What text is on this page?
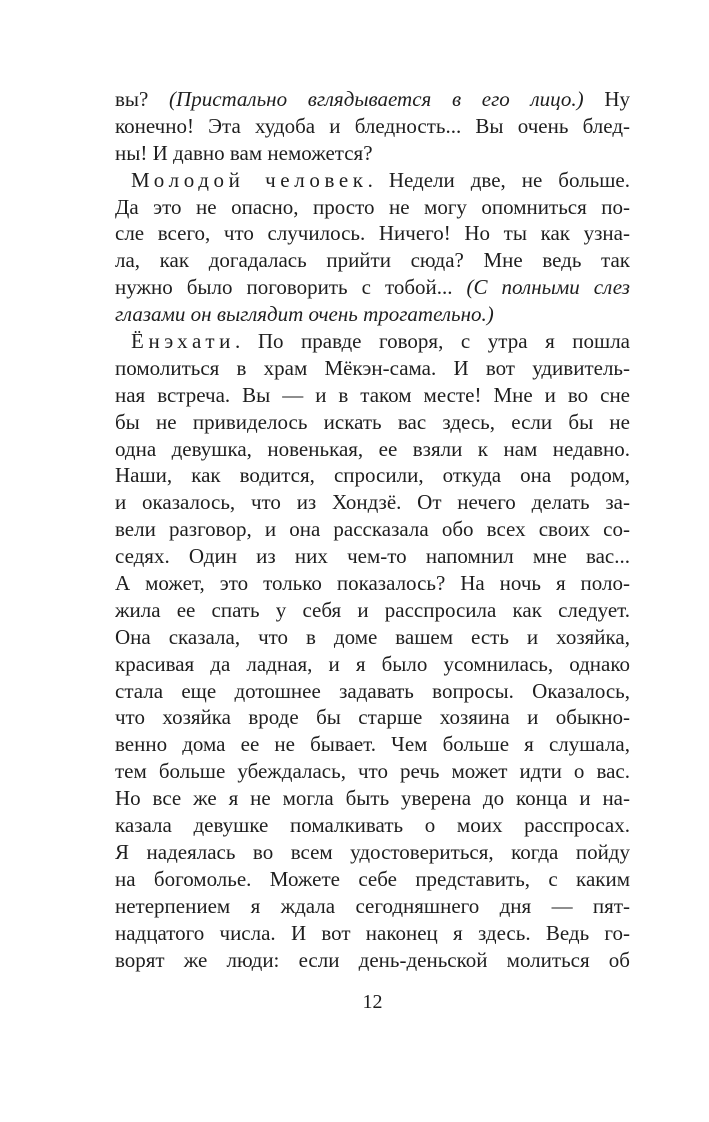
вы? (Пристально вглядывается в его лицо.) Ну
конечно! Эта худоба и бледность... Вы очень блед-
ны! И давно вам неможется?
Молодой человек. Недели две, не больше.
Да это не опасно, просто не могу опомниться по-
сле всего, что случилось. Ничего! Но ты как узна-
ла, как догадалась прийти сюда? Мне ведь так
нужно было поговорить с тобой... (С полными слез
глазами он выглядит очень трогательно.)
Ёнэхати. По правде говоря, с утра я пошла
помолиться в храм Мёкэн-сама. И вот удивитель-
ная встреча. Вы — и в таком месте! Мне и во сне
бы не привиделось искать вас здесь, если бы не
одна девушка, новенькая, ее взяли к нам недавно.
Наши, как водится, спросили, откуда она родом,
и оказалось, что из Хондзё. От нечего делать за-
вели разговор, и она рассказала обо всех своих со-
седях. Один из них чем-то напомнил мне вас...
А может, это только показалось? На ночь я поло-
жила ее спать у себя и расспросила как следует.
Она сказала, что в доме вашем есть и хозяйка,
красивая да ладная, и я было усомнилась, однако
стала еще дотошнее задавать вопросы. Оказалось,
что хозяйка вроде бы старше хозяина и обыкно-
венно дома ее не бывает. Чем больше я слушала,
тем больше убеждалась, что речь может идти о вас.
Но все же я не могла быть уверена до конца и на-
казала девушке помалкивать о моих расспросах.
Я надеялась во всем удостовериться, когда пойду
на богомолье. Можете себе представить, с каким
нетерпением я ждала сегодняшнего дня — пят-
надцатого числа. И вот наконец я здесь. Ведь го-
ворят же люди: если день-деньской молиться об
12
